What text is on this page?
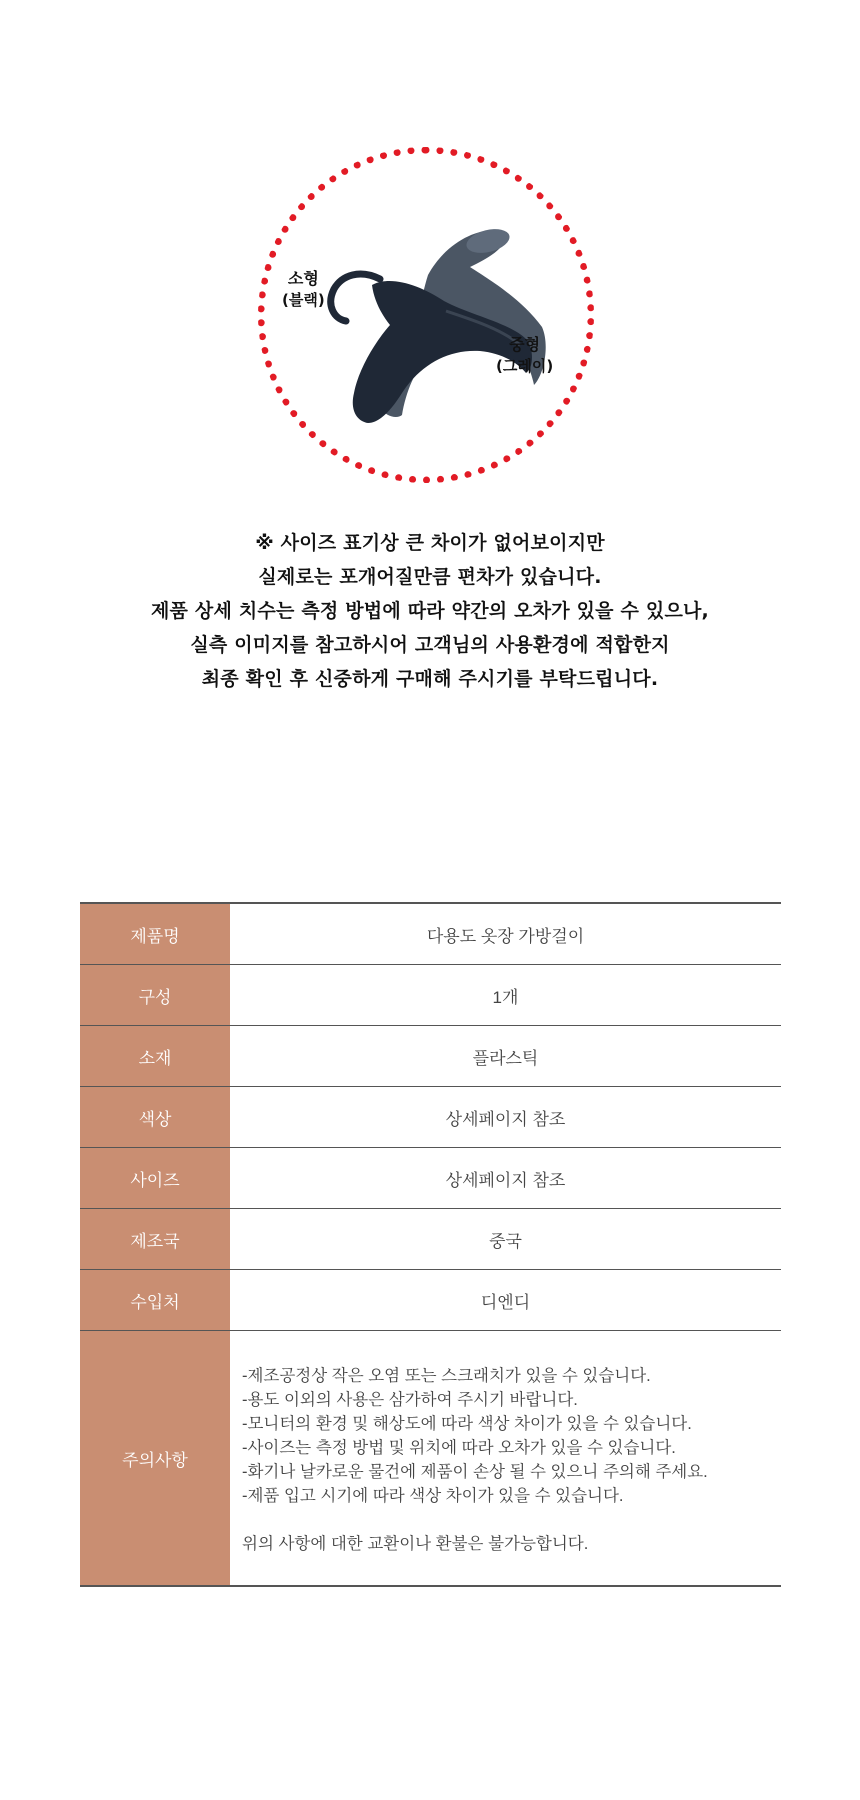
소형
(블랙)
중형
(그레이)
※ 사이즈 표기상 큰 차이가 없어보이지만
실제로는 포개어질만큼 편차가 있습니다.
제품 상세 치수는 측정 방법에 따라 약간의 오차가 있을 수 있으나,
실측 이미지를 참고하시어 고객님의 사용환경에 적합한지
최종 확인 후 신중하게 구매해 주시기를 부탁드립니다.
제품명	다용도 옷장 가방걸이
구성	1개
소재	플라스틱
색상	상세페이지 참조
사이즈	상세페이지 참조
제조국	중국
수입처	디엔디
주의사항
-제조공정상 작은 오염 또는 스크래치가 있을 수 있습니다.
-용도 이외의 사용은 삼가하여 주시기 바랍니다.
-모니터의 환경 및 해상도에 따라 색상 차이가 있을 수 있습니다.
-사이즈는 측정 방법 및 위치에 따라 오차가 있을 수 있습니다.
-화기나 날카로운 물건에 제품이 손상 될 수 있으니 주의해 주세요.
-제품 입고 시기에 따라 색상 차이가 있을 수 있습니다.
위의 사항에 대한 교환이나 환불은 불가능합니다.
